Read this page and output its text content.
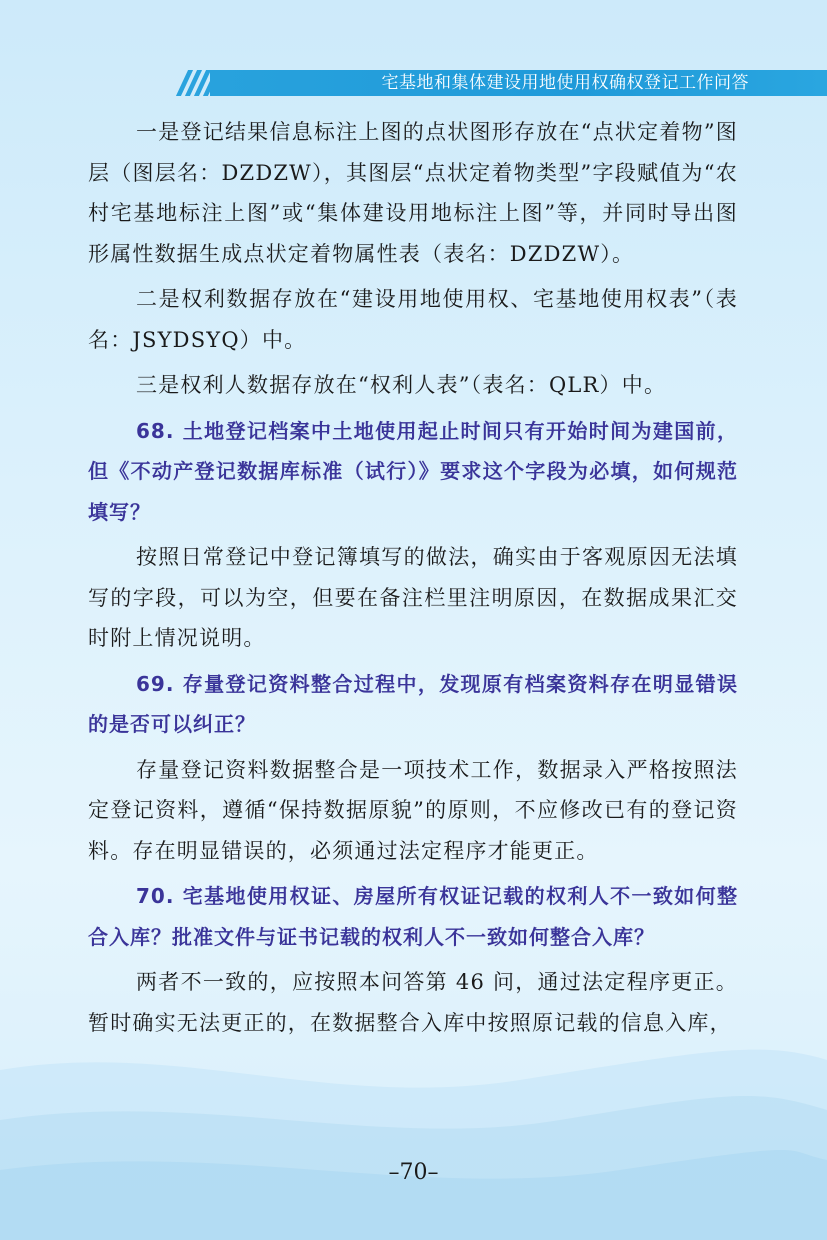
宅基地和集体建设用地使用权确权登记工作问答

一是登记结果信息标注上图的点状图形存放在“点状定着物”图层（图层名：DZDZW），其图层“点状定着物类型”字段赋值为“农村宅基地标注上图”或“集体建设用地标注上图”等，并同时导出图形属性数据生成点状定着物属性表（表名：DZDZW）。

二是权利数据存放在“建设用地使用权、宅基地使用权表”（表名：JSYDSYQ）中。

三是权利人数据存放在“权利人表”（表名：QLR）中。

68. 土地登记档案中土地使用起止时间只有开始时间为建国前，但《不动产登记数据库标准（试行）》要求这个字段为必填，如何规范填写？

按照日常登记中登记簿填写的做法，确实由于客观原因无法填写的字段，可以为空，但要在备注栏里注明原因，在数据成果汇交时附上情况说明。

69. 存量登记资料整合过程中，发现原有档案资料存在明显错误的是否可以纠正？

存量登记资料数据整合是一项技术工作，数据录入严格按照法定登记资料，遵循“保持数据原貌”的原则，不应修改已有的登记资料。存在明显错误的，必须通过法定程序才能更正。

70. 宅基地使用权证、房屋所有权证记载的权利人不一致如何整合入库？批准文件与证书记载的权利人不一致如何整合入库？

两者不一致的，应按照本问答第 46 问，通过法定程序更正。暂时确实无法更正的，在数据整合入库中按照原记载的信息入库，

–70–
